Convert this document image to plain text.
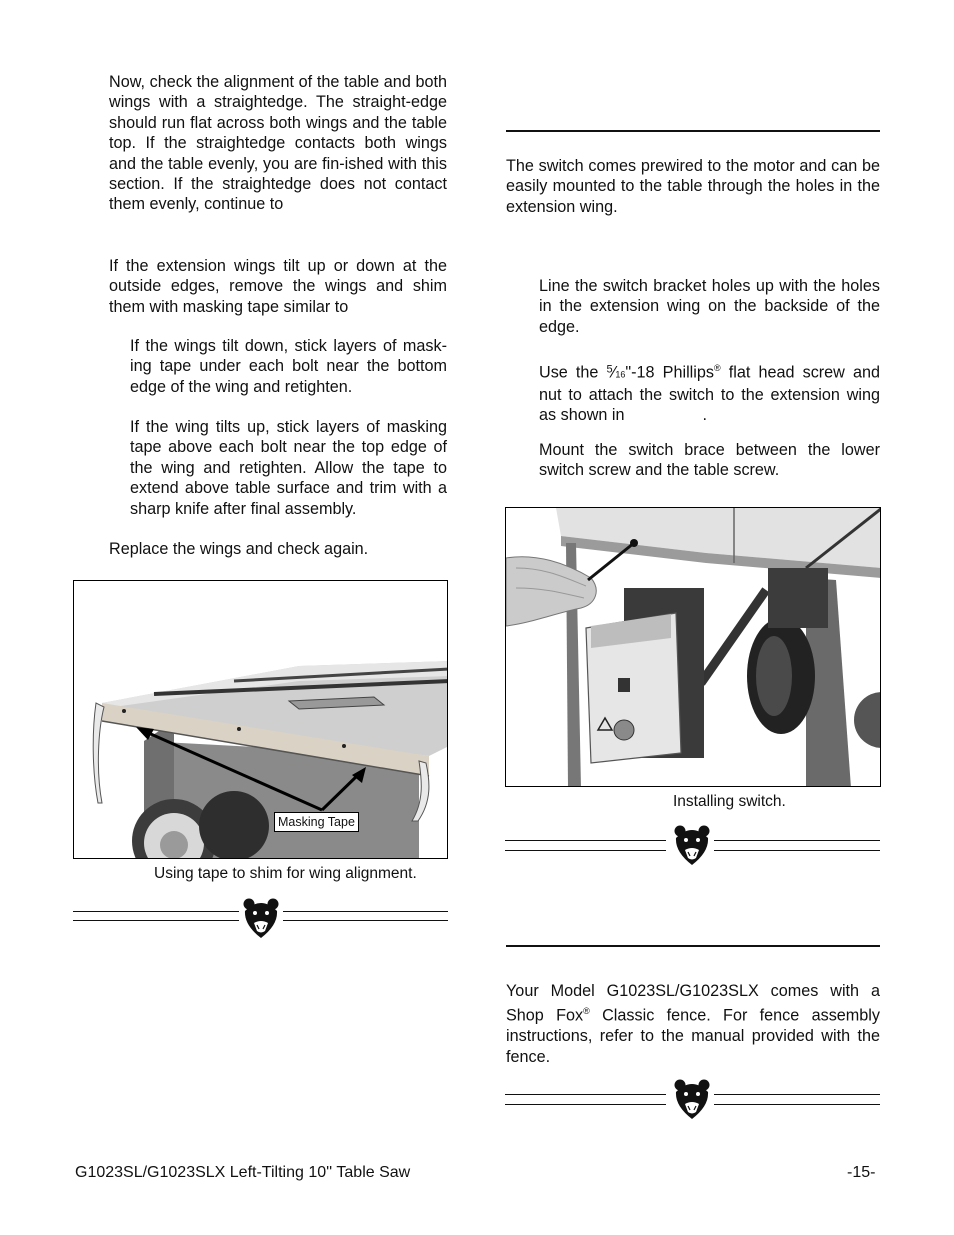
Now, check the alignment of the table and both wings with a straightedge. The straight-edge should run flat across both wings and the table top. If the straightedge contacts both wings and the table evenly, you are fin-ished with this section. If the straightedge does not contact them evenly, continue to
If the extension wings tilt up or down at the outside edges, remove the wings and shim them with masking tape similar to
If the wings tilt down, stick layers of mask-ing tape under each bolt near the bottom edge of the wing and retighten.
If the wing tilts up, stick layers of masking tape above each bolt near the top edge of the wing and retighten. Allow the tape to extend above table surface and trim with a sharp knife after final assembly.
Replace the wings and check again.
Masking Tape
Using tape to shim for wing alignment.
The switch comes prewired to the motor and can be easily mounted to the table through the holes in the extension wing.
Line the switch bracket holes up with the holes in the extension wing on the backside of the edge.
Use the $^5$⁄16"-18 Phillips® flat head screw and nut to attach the switch to the extension wing as shown in	.
Mount the switch brace between the lower switch screw and the table screw.
Installing switch.
Your Model G1023SL/G1023SLX comes with a Shop Fox® Classic fence. For fence assembly instructions, refer to the manual provided with the fence.
G1023SL/G1023SLX Left-Tilting 10'' Table Saw	-15-
